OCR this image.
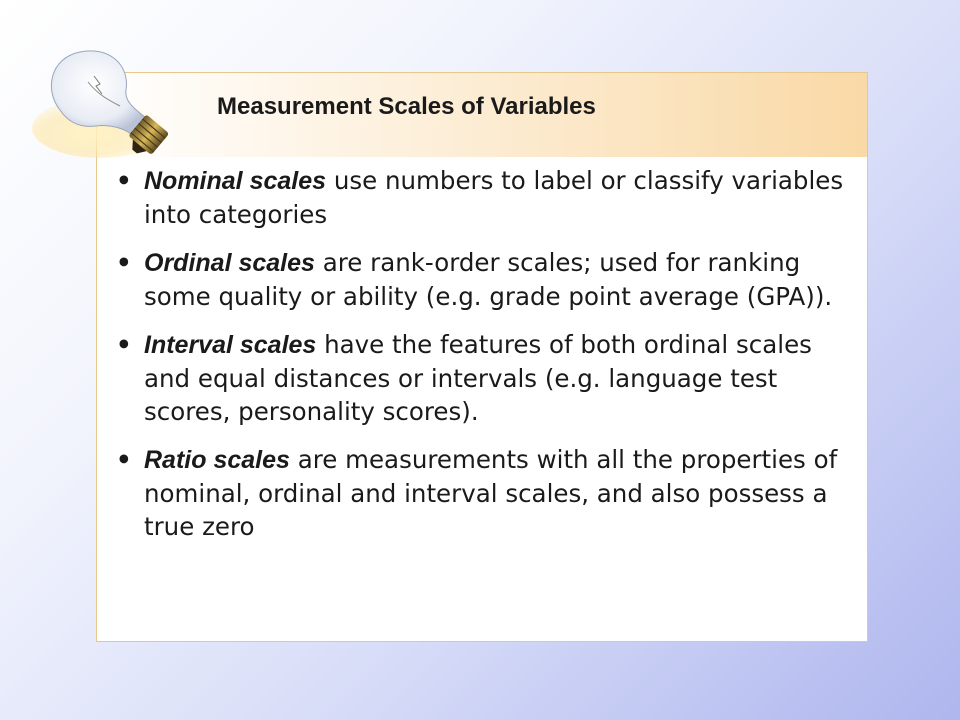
Measurement Scales of Variables
• Nominal scales use numbers to label or classify variables into categories
• Ordinal scales are rank-order scales; used for ranking some quality or ability (e.g. grade point average (GPA)).
• Interval scales have the features of both ordinal scales and equal distances or intervals (e.g. language test scores, personality scores).
• Ratio scales are measurements with all the properties of nominal, ordinal and interval scales, and also possess a true zero
